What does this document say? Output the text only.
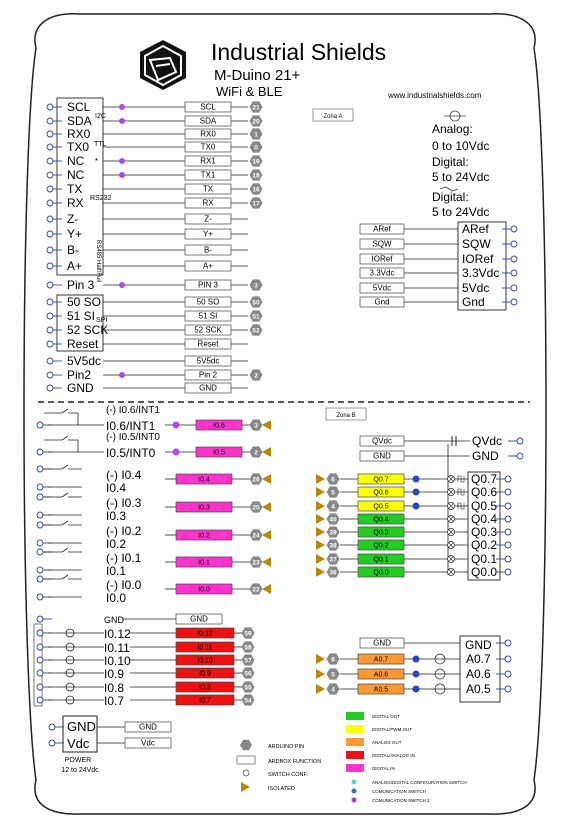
Industrial Shields
M-Duino 21+
WiFi & BLE	www.industrialshields.com
Zona A
Analog:
0 to 10Vdc
Digital:
5 to 24Vdc
Digital:
5 to 24Vdc
Zona B
SCL	SCL	21
SDA	SDA	20
RX0	RX0	1
TX0	TX0	0
NC	RX1	19
NC	TX1	18
TX	TX	16
RX	RX	17
Z-	Z-
Y+	Y+
B-	B-
A+	A+
Pin 3	PIN 3	3
50 SO	50 SO	50
51 SI	51 SI	51
52 SCK	52 SCK	52
Reset	Reset
5V5dc	5V5dc
Pin2	Pin 2	2
GND	GND
I2C
TTL
RS232
*
SPI
RS485 Half/Full
ARef	ARef
SQW	SQW
IORef	IORef
3.3Vdc	3.3Vdc
5Vdc	5Vdc
Gnd	Gnd
(-) I0.6/INT1
I0.6/INT1	I0.6	3
(-) I0.5/INT0
I0.5/INT0	I0.5	2
(-) I0.4
I0.4
I0.4	26
(-) I0.3
I0.3
I0.3	25
(-) I0.2
I0.2
I0.2	24
(-) I0.1
I0.1
I0.1	23
(-) I0.0
I0.0
I0.0	22
GND	GND
I0.12	I0.12	59
I0.11	I0.11	58
I0.10	I0.10	57
I0.9	I0.9	56
I0.8	I0.8	55
I0.7	I0.7	54
GND	GND
Vdc	Vdc
POWER
12 to 24Vdc
QVdc	QVdc
GND	GND
6	Q0.7	Q0.7
5	Q0.6	Q0.6
4	Q0.5	Q0.5
40	Q0.4	Q0.4
39	Q0.3	Q0.3
38	Q0.2	Q0.2
37	Q0.1	Q0.1
36	Q0.0	Q0.0
GND	GND
6	A0.7	A0.7
5	A0.6	A0.6
4	A0.5	A0.5
ARDUINO PIN
ARDBOX FUNCTION
SWITCH CONF.
ISOLATED
DIGITAL OUT
DIGITAL/PWM OUT
ANALOG OUT
DIGITAL/ANALOG IN
DIGITAL IN
ANALOG/DIGITAL CONFIGURATION SWITCH
COMUNICATION SWITCH
COMUNICATION SWITCH 2
